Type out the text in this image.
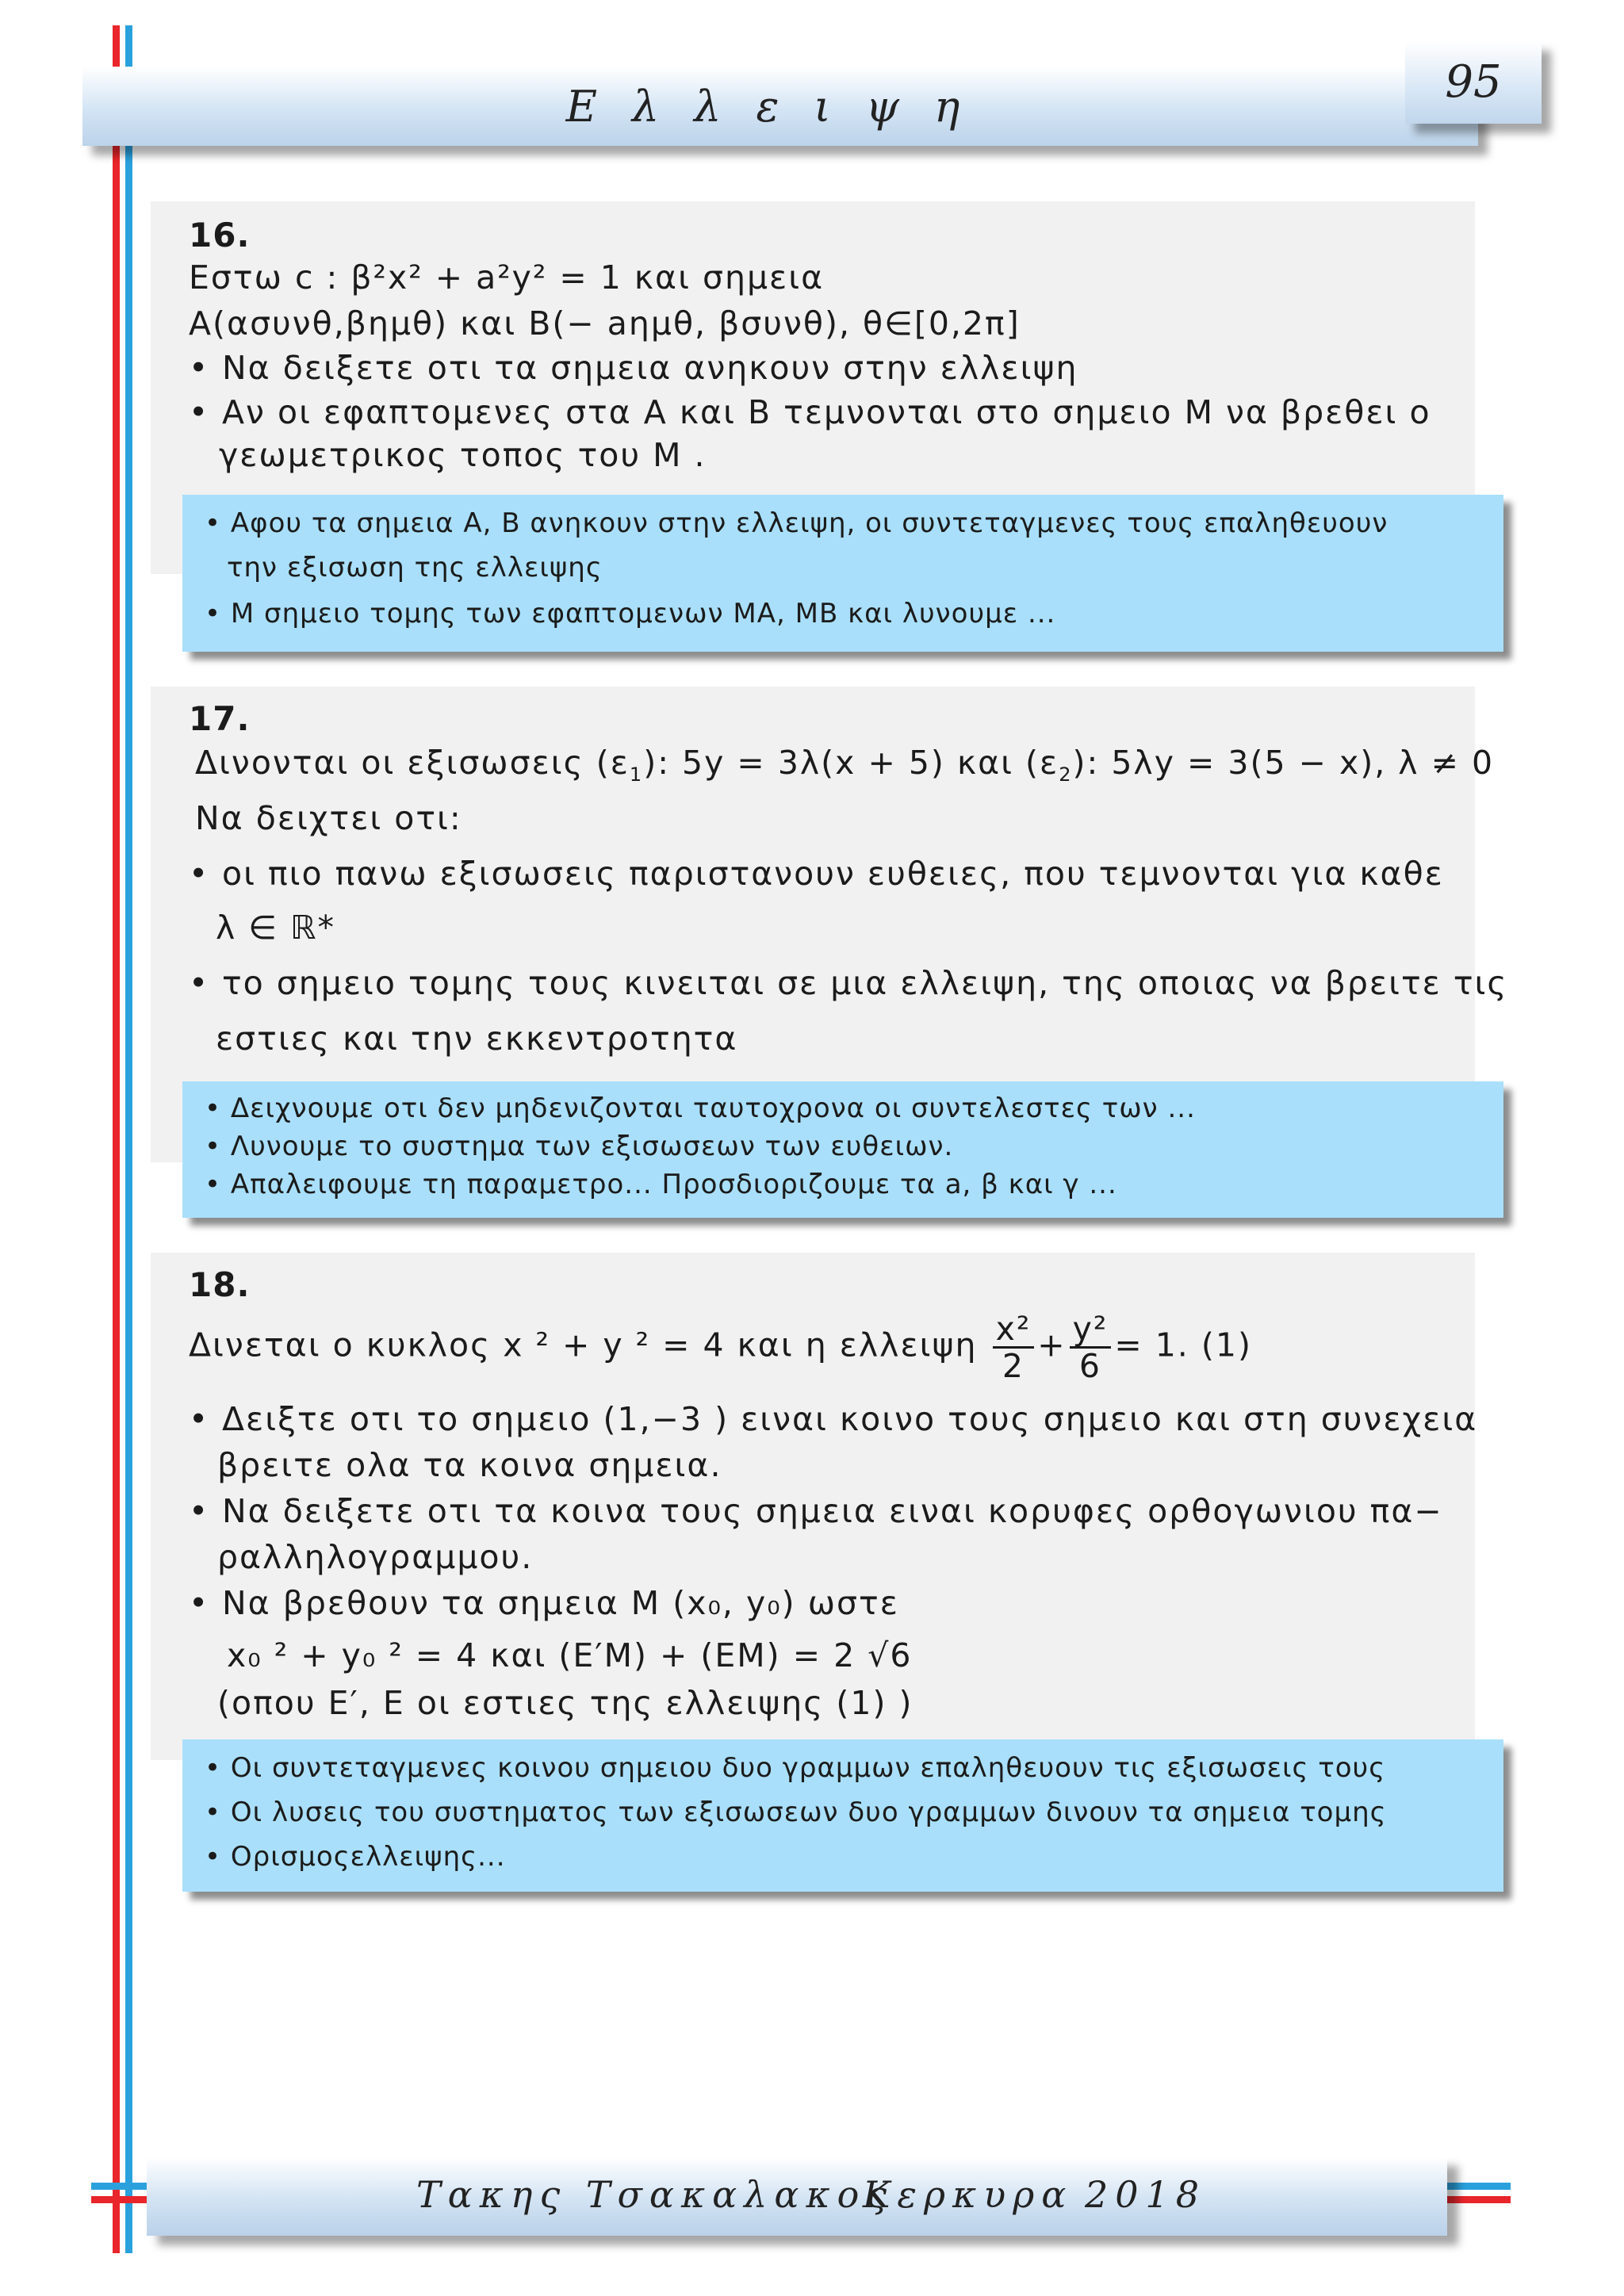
Ελλειψη	95
16.
Εστω c : β²x² + a²y² = 1 και σημεια
A(ασυνθ,βημθ) και B(− aημθ, βσυνθ), θ∈[0,2π]
• Να δειξετε οτι τα σημεια ανηκουν στην ελλειψη
• Αν οι εφαπτομενες στα A και B τεμνονται στο σημειο M να βρεθει ο
γεωμετρικος τοπος του M .
• Αφου τα σημεια A, B ανηκουν στην ελλειψη, οι συντεταγμενες τους επαληθευουν
την εξισωση της ελλειψης
• M σημειο τομης των εφαπτομενων MA, MB και λυνουμε ...
17.
Δινονται οι εξισωσεις $(\varepsilon_1)$: 5y = 3λ(x + 5) και $(\varepsilon_2)$: 5λy = 3(5 − x), λ ≠ 0
Να δειχτει οτι:
• οι πιο πανω εξισωσεις παριστανουν ευθειες, που τεμνονται για καθε
λ ∈ ℝ*
• το σημειο τομης τους κινειται σε μια ελλειψη, της οποιας να βρειτε τις
εστιες και την εκκεντροτητα
• Δειχνουμε οτι δεν μηδενιζονται ταυτοχρονα οι συντελεστες των ...
• Λυνουμε το συστημα των εξισωσεων των ευθειων.
• Απαλειφουμε τη παραμετρο... Προσδιοριζουμε τα a, β και γ ...
18.
Δινεται ο κυκλος x ² + y ² = 4 και η ελλειψη $\frac{\text{x²}}{2} + \frac{\text{y²}}{6} = 1$. (1)
• Δειξτε οτι το σημειο (1,−3 ) ειναι κοινο τους σημειο και στη συνεχεια
βρειτε ολα τα κοινα σημεια.
• Να δειξετε οτι τα κοινα τους σημεια ειναι κορυφες ορθογωνιου πα−
ραλληλογραμμου.
• Να βρεθουν τα σημεια M (x₀, y₀) ωστε
x₀ ² + y₀ ² = 4 και (E′M) + (EM) = 2 √6
(οπου E′, E οι εστιες της ελλειψης (1) )
• Οι συντεταγμενες κοινου σημειου δυο γραμμων επαληθευουν τις εξισωσεις τους
• Οι λυσεις του συστηματος των εξισωσεων δυο γραμμων δινουν τα σημεια τομης
• Ορισμοςελλειψης...
Τακης Τσακαλακος
Κερκυρα 2018
